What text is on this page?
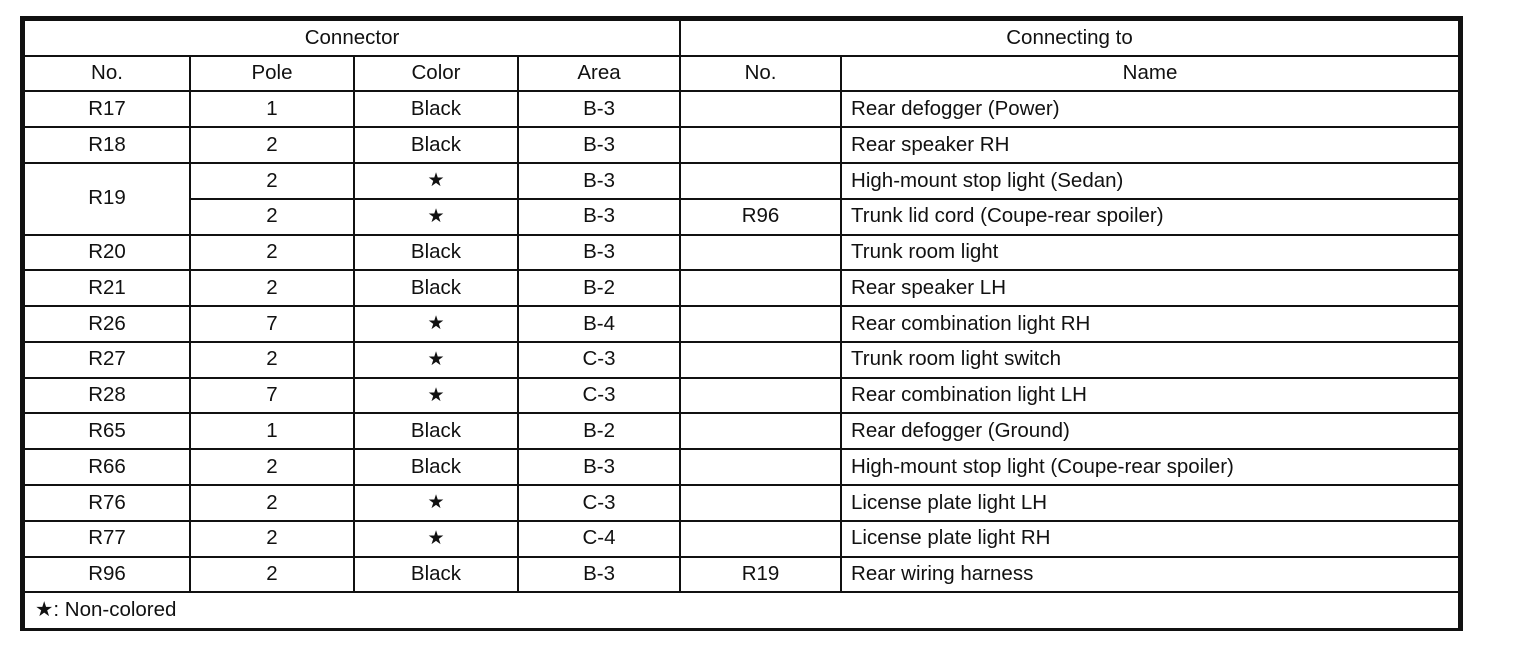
Connector				Connecting to	
No.	Pole	Color	Area	No.	Name
R17	1	Black	B-3		Rear defogger (Power)
R18	2	Black	B-3		Rear speaker RH
R19	2	★	B-3		High-mount stop light (Sedan)
	2	★	B-3	R96	Trunk lid cord (Coupe-rear spoiler)
R20	2	Black	B-3		Trunk room light
R21	2	Black	B-2		Rear speaker LH
R26	7	★	B-4		Rear combination light RH
R27	2	★	C-3		Trunk room light switch
R28	7	★	C-3		Rear combination light LH
R65	1	Black	B-2		Rear defogger (Ground)
R66	2	Black	B-3		High-mount stop light (Coupe-rear spoiler)
R76	2	★	C-3		License plate light LH
R77	2	★	C-4		License plate light RH
R96	2	Black	B-3	R19	Rear wiring harness
★: Non-colored					
